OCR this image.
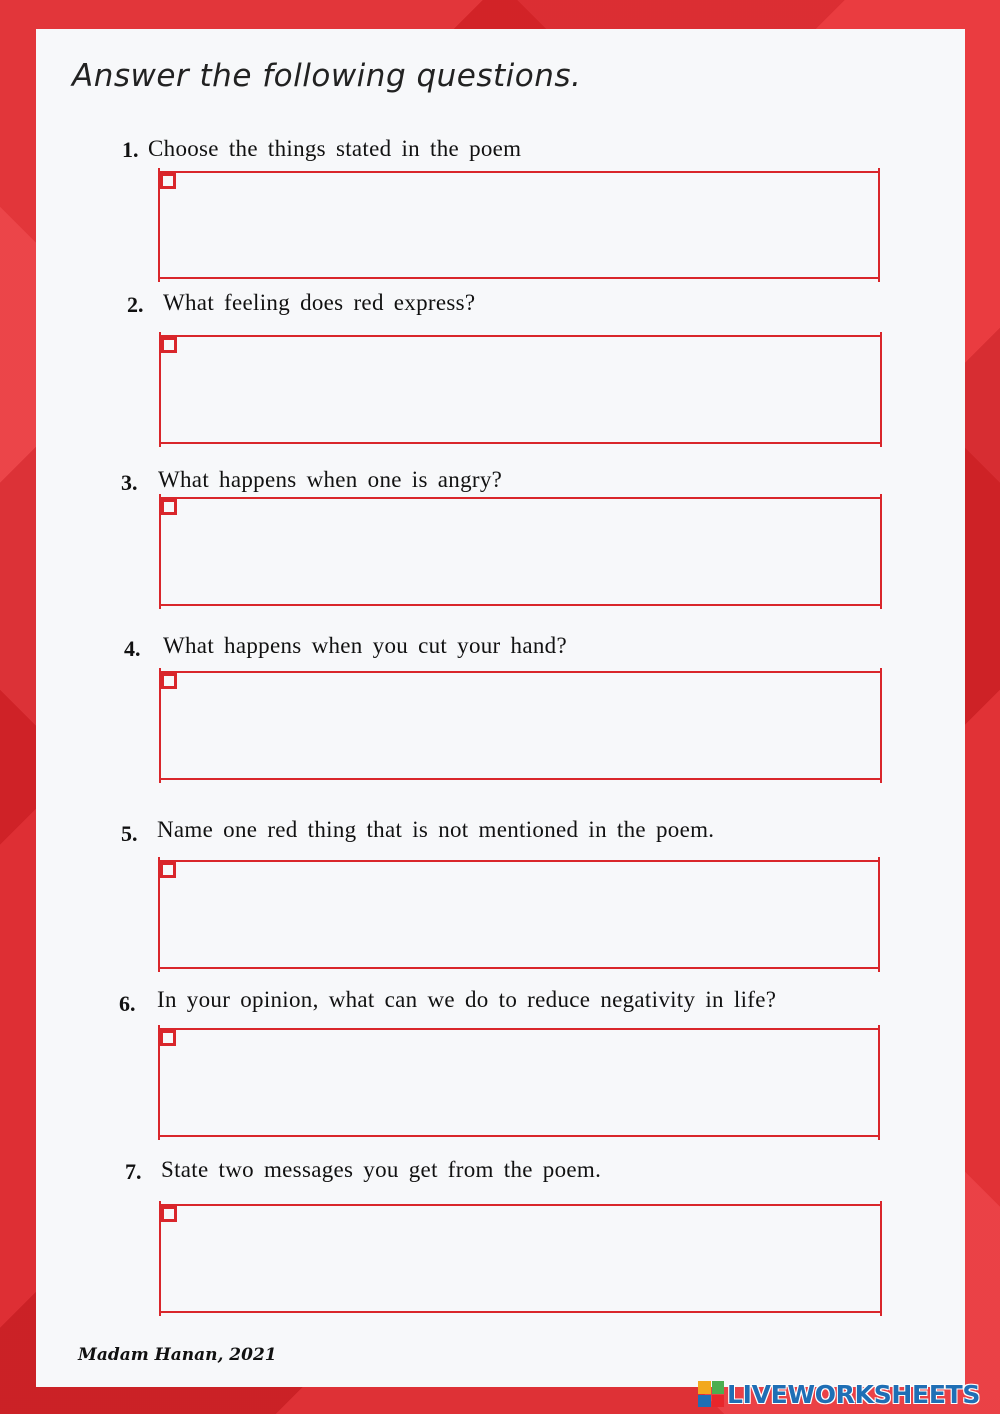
Answer the following questions.
1. Choose the things stated in the poem
2. What feeling does red express?
3. What happens when one is angry?
4. What happens when you cut your hand?
5. Name one red thing that is not mentioned in the poem.
6. In your opinion, what can we do to reduce negativity in life?
7. State two messages you get from the poem.

Madam Hanan, 2021

LIVEWORKSHEETS
